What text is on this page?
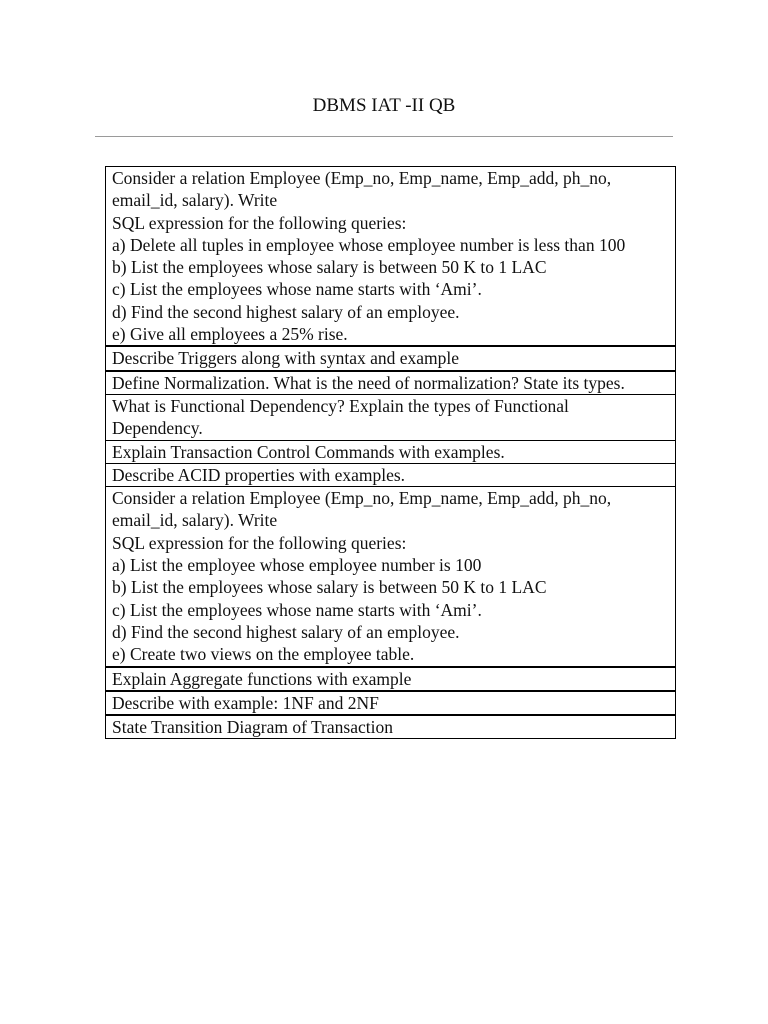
DBMS IAT -II QB
Consider a relation Employee (Emp_no, Emp_name, Emp_add, ph_no,
email_id, salary). Write
SQL expression for the following queries:
a) Delete all tuples in employee whose employee number is less than 100
b) List the employees whose salary is between 50 K to 1 LAC
c) List the employees whose name starts with ‘Ami’.
d) Find the second highest salary of an employee.
e) Give all employees a 25% rise.

Describe Triggers along with syntax and example

Define Normalization. What is the need of normalization? State its types.

What is Functional Dependency? Explain the types of Functional
Dependency.

Explain Transaction Control Commands with examples.

Describe ACID properties with examples.

Consider a relation Employee (Emp_no, Emp_name, Emp_add, ph_no,
email_id, salary). Write
SQL expression for the following queries:
a) List the employee whose employee number is 100
b) List the employees whose salary is between 50 K to 1 LAC
c) List the employees whose name starts with ‘Ami’.
d) Find the second highest salary of an employee.
e) Create two views on the employee table.

Explain Aggregate functions with example

Describe with example: 1NF and 2NF

State Transition Diagram of Transaction
